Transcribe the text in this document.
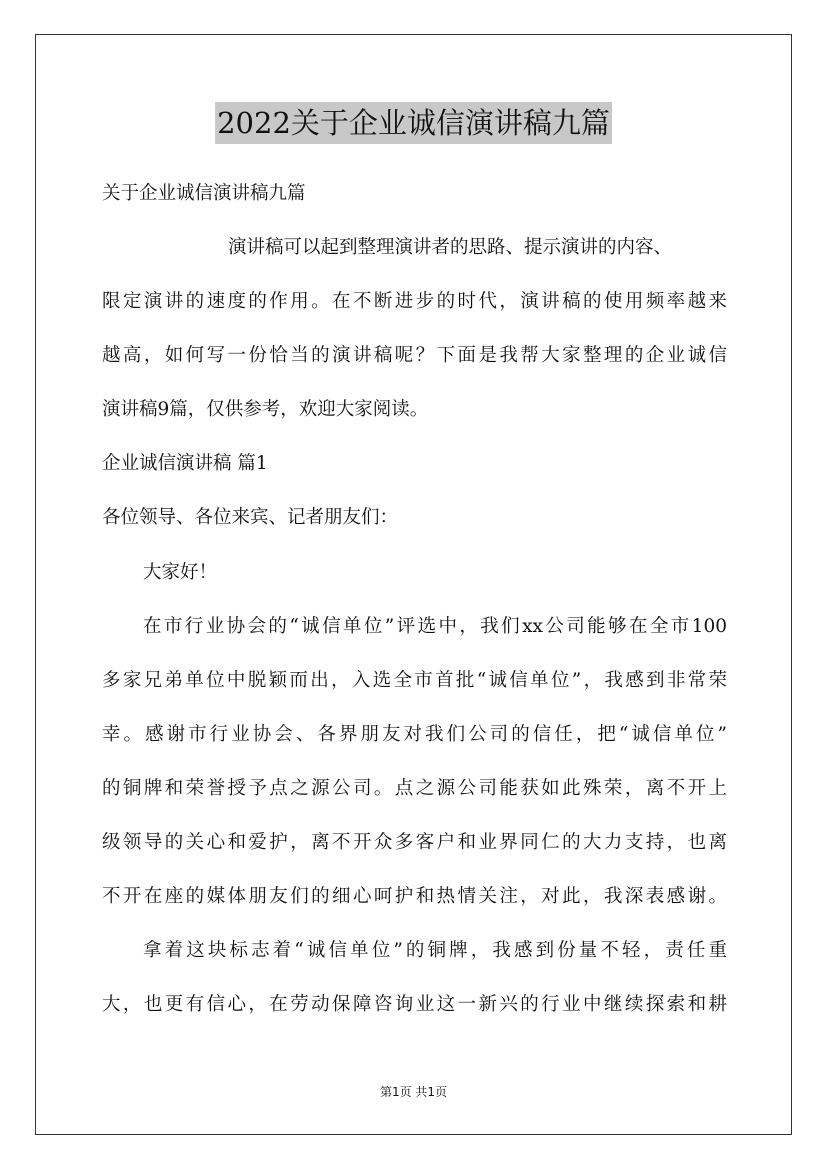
2022关于企业诚信演讲稿九篇
关于企业诚信演讲稿九篇
演讲稿可以起到整理演讲者的思路、提示演讲的内容、
限定演讲的速度的作用。在不断进步的时代，演讲稿的使用频率越来
越高，如何写一份恰当的演讲稿呢？下面是我帮大家整理的企业诚信
演讲稿9篇，仅供参考，欢迎大家阅读。
企业诚信演讲稿 篇1
各位领导、各位来宾、记者朋友们：
大家好！
在市行业协会的“诚信单位”评选中，我们xx公司能够在全市100
多家兄弟单位中脱颖而出，入选全市首批“诚信单位”，我感到非常荣
幸。感谢市行业协会、各界朋友对我们公司的信任，把“诚信单位”
的铜牌和荣誉授予点之源公司。点之源公司能获如此殊荣，离不开上
级领导的关心和爱护，离不开众多客户和业界同仁的大力支持，也离
不开在座的媒体朋友们的细心呵护和热情关注，对此，我深表感谢。
拿着这块标志着“诚信单位”的铜牌，我感到份量不轻，责任重
大，也更有信心，在劳动保障咨询业这一新兴的行业中继续探索和耕
第1页 共1页
